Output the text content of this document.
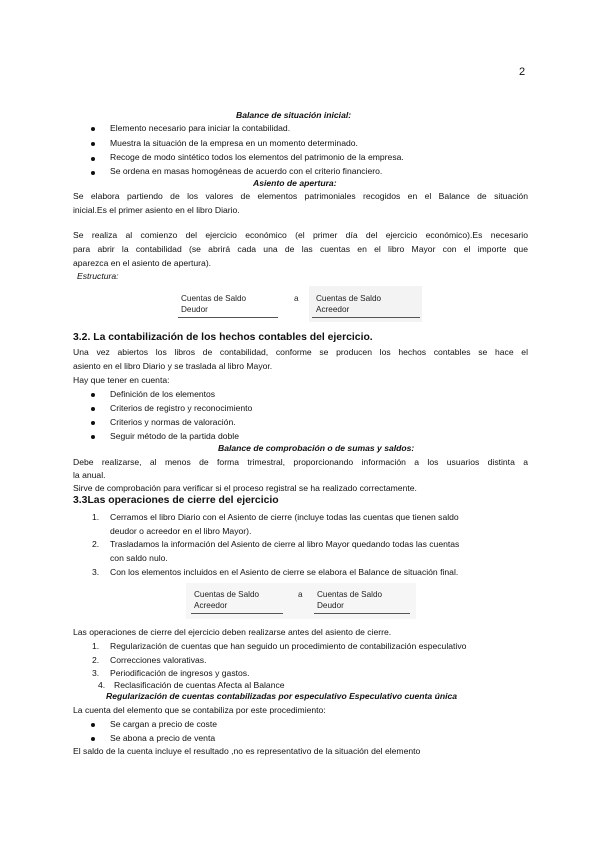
2
Balance de situación inicial:
Elemento necesario para iniciar la contabilidad.
Muestra la situación de la empresa en un momento determinado.
Recoge de modo sintético todos los elementos del patrimonio de la empresa.
Se ordena en masas homogéneas de acuerdo con el criterio financiero.
Asiento de apertura:
Se elabora partiendo de los valores de elementos patrimoniales recogidos en el Balance de situación
inicial.Es el primer asiento en el libro Diario.
Se realiza al comienzo del ejercicio económico (el primer día del ejercicio económico).Es necesario
para abrir la contabilidad (se abrirá cada una de las cuentas en el libro Mayor con el importe que
aparezca en el asiento de apertura).
Estructura:
Cuentas de Saldo
Deudor
a Cuentas de Saldo
Acreedor
3.2. La contabilización de los hechos contables del ejercicio.
Una vez abiertos los libros de contabilidad, conforme se producen los hechos contables se hace el
asiento en el libro Diario y se traslada al libro Mayor.
Hay que tener en cuenta:
Definición de los elementos
Criterios de registro y reconocimiento
Criterios y normas de valoración.
Seguir método de la partida doble
Balance de comprobación o de sumas y saldos:
Debe realizarse, al menos de forma trimestral, proporcionando información a los usuarios distinta a
la anual.
Sirve de comprobación para verificar si el proceso registral se ha realizado correctamente.
3.3Las operaciones de cierre del ejercicio
1. Cerramos el libro Diario con el Asiento de cierre (incluye todas las cuentas que tienen saldo
deudor o acreedor en el libro Mayor).
2. Trasladamos la información del Asiento de cierre al libro Mayor quedando todas las cuentas
con saldo nulo.
3. Con los elementos incluidos en el Asiento de cierre se elabora el Balance de situación final.
Cuentas de Saldo
Acreedor
a Cuentas de Saldo
Deudor
Las operaciones de cierre del ejercicio deben realizarse antes del asiento de cierre.
1. Regularización de cuentas que han seguido un procedimiento de contabilización especulativo
2. Correcciones valorativas.
3. Periodificación de ingresos y gastos.
4. Reclasificación de cuentas Afecta al Balance
Regularización de cuentas contabilizadas por especulativo Especulativo cuenta única
La cuenta del elemento que se contabiliza por este procedimiento:
Se cargan a precio de coste
Se abona a precio de venta
El saldo de la cuenta incluye el resultado ,no es representativo de la situación del elemento
